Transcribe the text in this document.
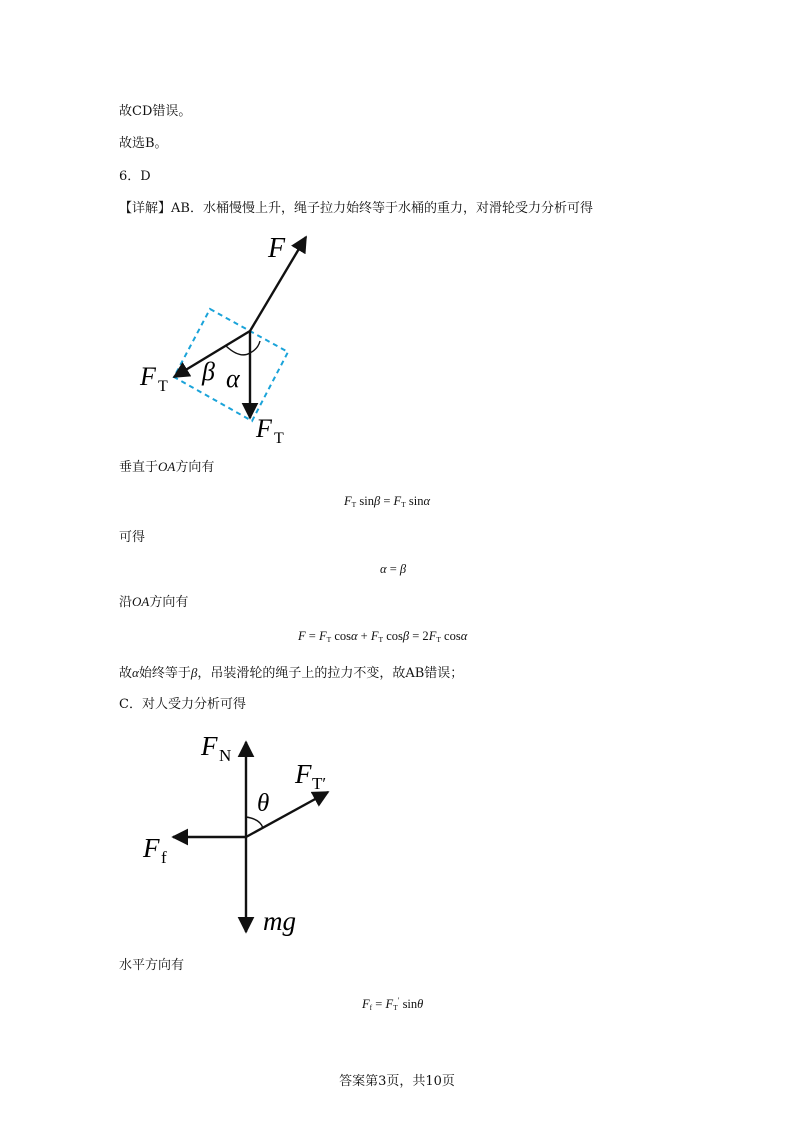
故CD错误。
故选B。
6．D
【详解】AB．水桶慢慢上升，绳子拉力始终等于水桶的重力，对滑轮受力分析可得
F
F T
β α
F T
垂直于OA方向有
$F_T$ $\sin\beta = F_T$ sinα
可得
α = β
沿OA方向有
$F = F_T$ $\cos\alpha + F_T$ $\cos\beta = 2F_T$ cosα
故α始终等于β，吊装滑轮的绳子上的拉力不变，故AB错误；
C．对人受力分析可得
F N
F T′
θ
F f
mg
水平方向有
$F_f = F_T'$ sinθ
答案第3页，共10页
